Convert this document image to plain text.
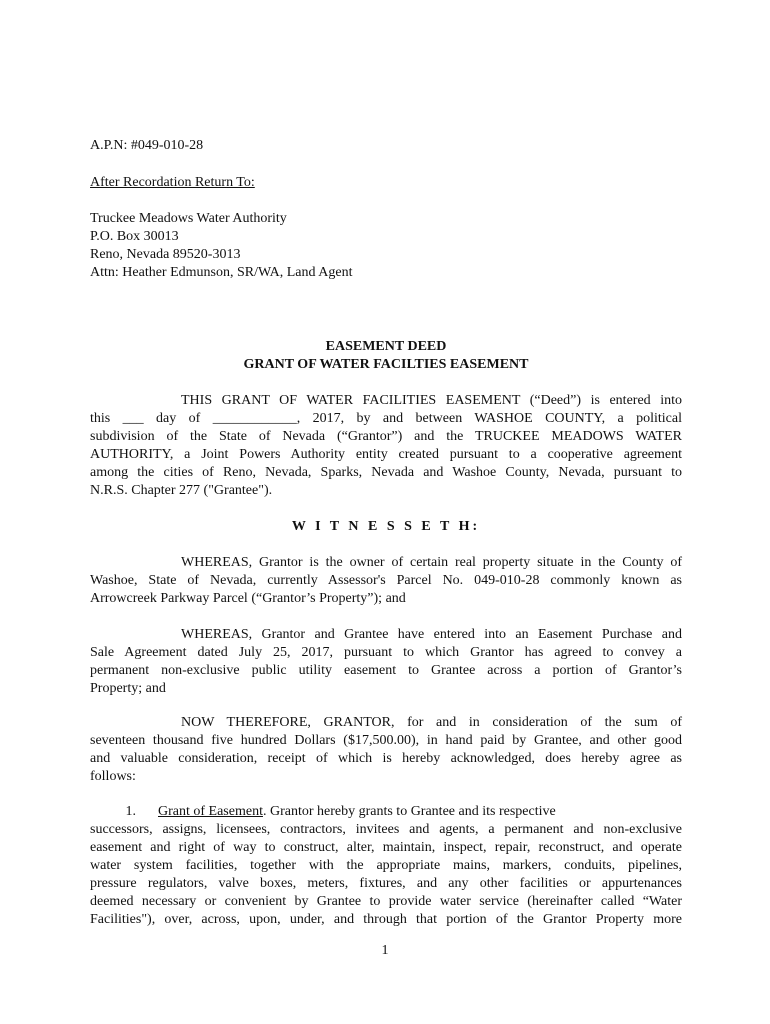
A.P.N: #049-010-28
After Recordation Return To:
Truckee Meadows Water Authority
P.O. Box 30013
Reno, Nevada 89520-3013
Attn: Heather Edmunson, SR/WA, Land Agent
EASEMENT DEED
GRANT OF WATER FACILTIES EASEMENT
THIS GRANT OF WATER FACILITIES EASEMENT (“Deed”) is entered into
this ___ day of ____________, 2017, by and between WASHOE COUNTY, a political
subdivision of the State of Nevada (“Grantor”) and the TRUCKEE MEADOWS WATER
AUTHORITY, a Joint Powers Authority entity created pursuant to a cooperative agreement
among the cities of Reno, Nevada, Sparks, Nevada and Washoe County, Nevada, pursuant to
N.R.S. Chapter 277 ("Grantee").
W I T N E S S E T H:
WHEREAS, Grantor is the owner of certain real property situate in the County of
Washoe, State of Nevada, currently Assessor's Parcel No. 049-010-28 commonly known as
Arrowcreek Parkway Parcel (“Grantor’s Property”); and
WHEREAS, Grantor and Grantee have entered into an Easement Purchase and
Sale Agreement dated July 25, 2017, pursuant to which Grantor has agreed to convey a
permanent non-exclusive public utility easement to Grantee across a portion of Grantor’s
Property; and
NOW THEREFORE, GRANTOR, for and in consideration of the sum of
seventeen thousand five hundred Dollars ($17,500.00), in hand paid by Grantee, and other good
and valuable consideration, receipt of which is hereby acknowledged, does hereby agree as
follows:
1. Grant of Easement. Grantor hereby grants to Grantee and its respective
successors, assigns, licensees, contractors, invitees and agents, a permanent and non-exclusive
easement and right of way to construct, alter, maintain, inspect, repair, reconstruct, and operate
water system facilities, together with the appropriate mains, markers, conduits, pipelines,
pressure regulators, valve boxes, meters, fixtures, and any other facilities or appurtenances
deemed necessary or convenient by Grantee to provide water service (hereinafter called “Water
Facilities"), over, across, upon, under, and through that portion of the Grantor Property more
1
